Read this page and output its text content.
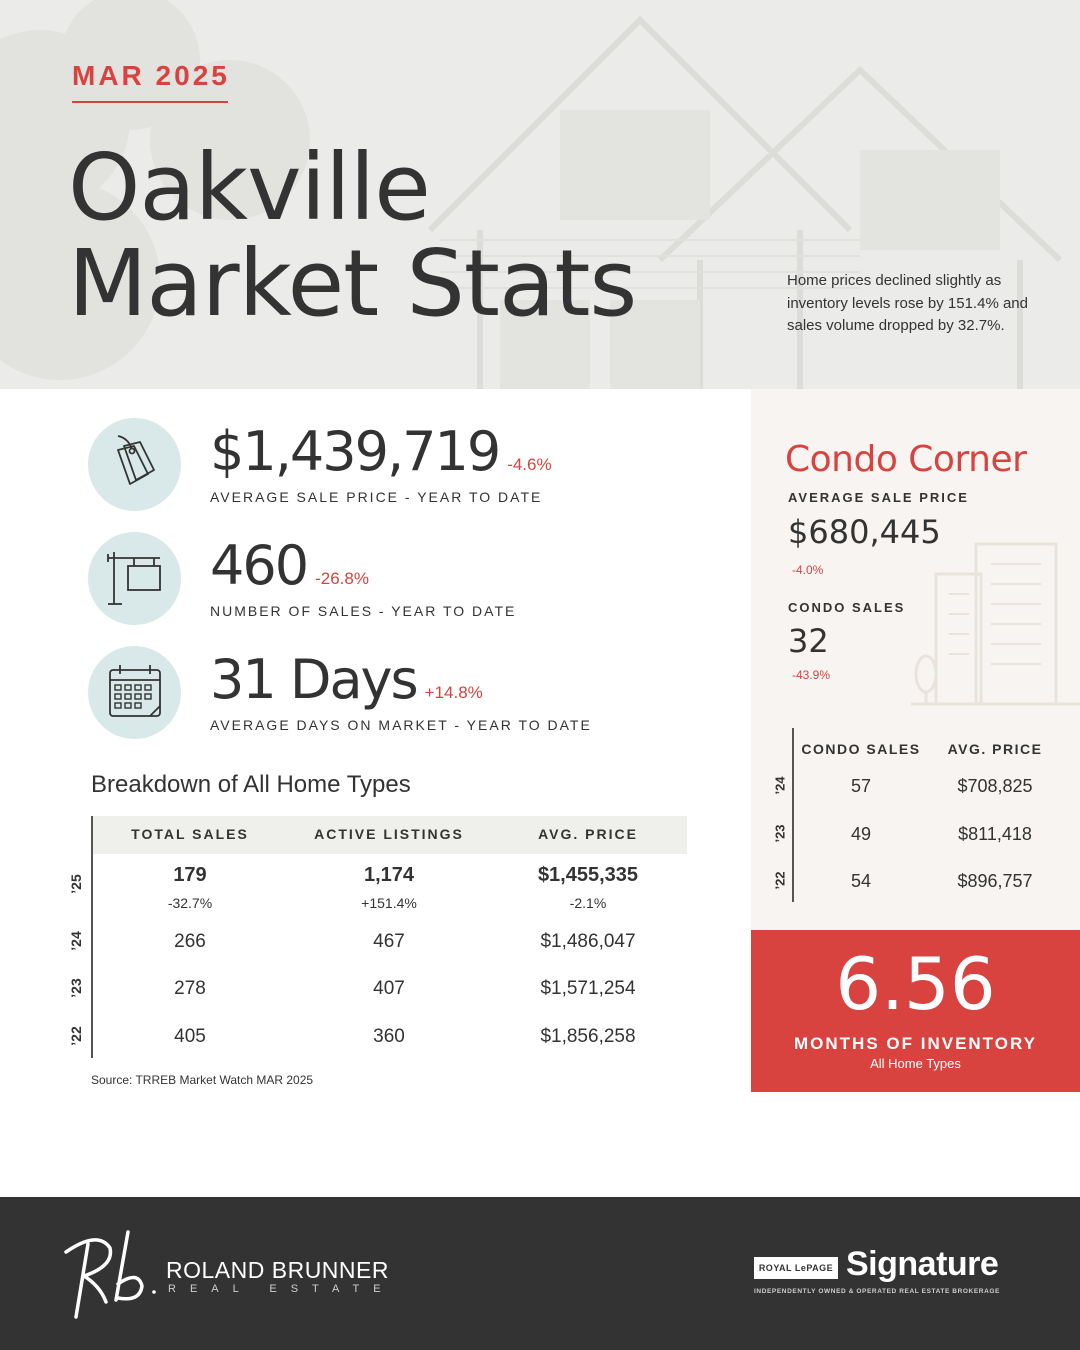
MAR 2025
Oakville
Market Stats	Home prices declined slightly as inventory levels rose by 151.4% and sales volume dropped by 32.7%.

$1,439,719 -4.6%
AVERAGE SALE PRICE - YEAR TO DATE
460 -26.8%
NUMBER OF SALES - YEAR TO DATE
31 Days +14.8%
AVERAGE DAYS ON MARKET - YEAR TO DATE
Breakdown of All Home Types
TOTAL SALES	ACTIVE LISTINGS	AVG. PRICE
’25	179	1,174	$1,455,335
-32.7%	+151.4%	-2.1%
’24	266	467	$1,486,047
’23	278	407	$1,571,254
’22	405	360	$1,856,258
Source: TRREB Market Watch MAR 2025
Condo Corner
AVERAGE SALE PRICE
$680,445
-4.0%
CONDO SALES
32
-43.9%
CONDO SALES	AVG. PRICE
’24	57	$708,825
’23	49	$811,418
’22	54	$896,757
6.56
MONTHS OF INVENTORY
All Home Types
ROLAND BRUNNER
REAL ESTATE
ROYAL LePAGE Signature
INDEPENDENTLY OWNED & OPERATED REAL ESTATE BROKERAGE
